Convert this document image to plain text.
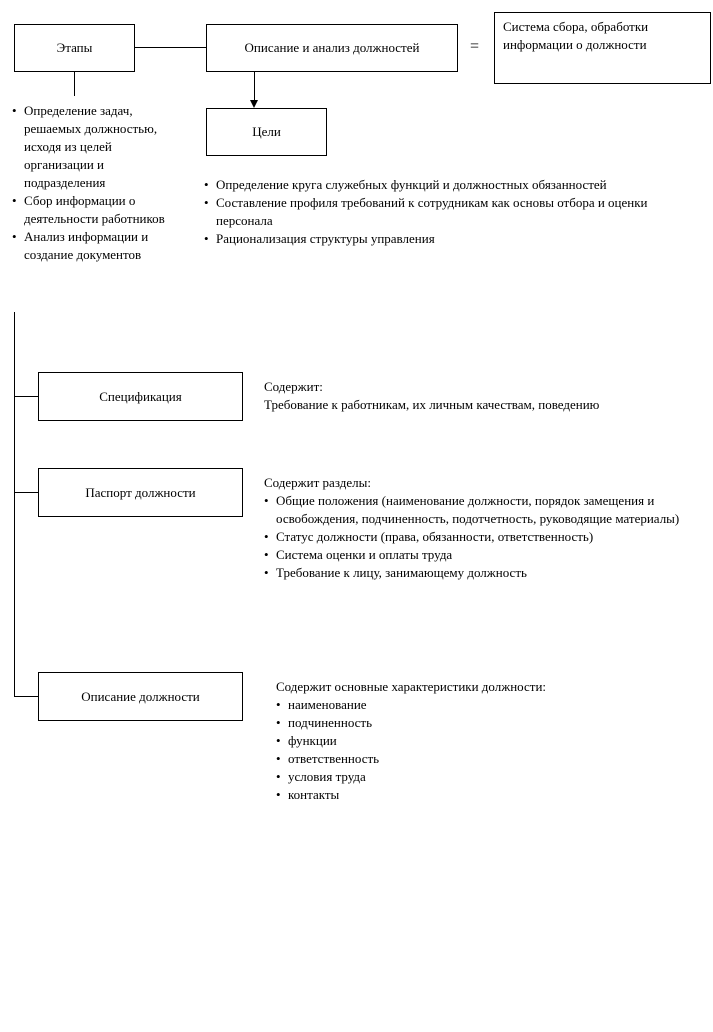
Этапы	Описание и анализ должностей	=
Система сбора, обработки информации о должности
Цели
• Определение задач, решаемых должностью, исходя из целей организации и подразделения
• Сбор информации о деятельности работников
• Анализ информации и создание документов
• Определение круга служебных функций и должностных обязанностей
• Составление профиля требований к сотрудникам как основы отбора и оценки персонала
• Рационализация структуры управления
Спецификация
Содержит:
Требование к работникам, их личным качествам, поведению
Паспорт должности
Содержит разделы:
• Общие положения (наименование должности, порядок замещения и освобождения, подчиненность, подотчетность, руководящие материалы)
• Статус должности (права, обязанности, ответственность)
• Система оценки и оплаты труда
• Требование к лицу, занимающему должность
Описание должности
Содержит основные характеристики должности:
• наименование
• подчиненность
• функции
• ответственность
• условия труда
• контакты
